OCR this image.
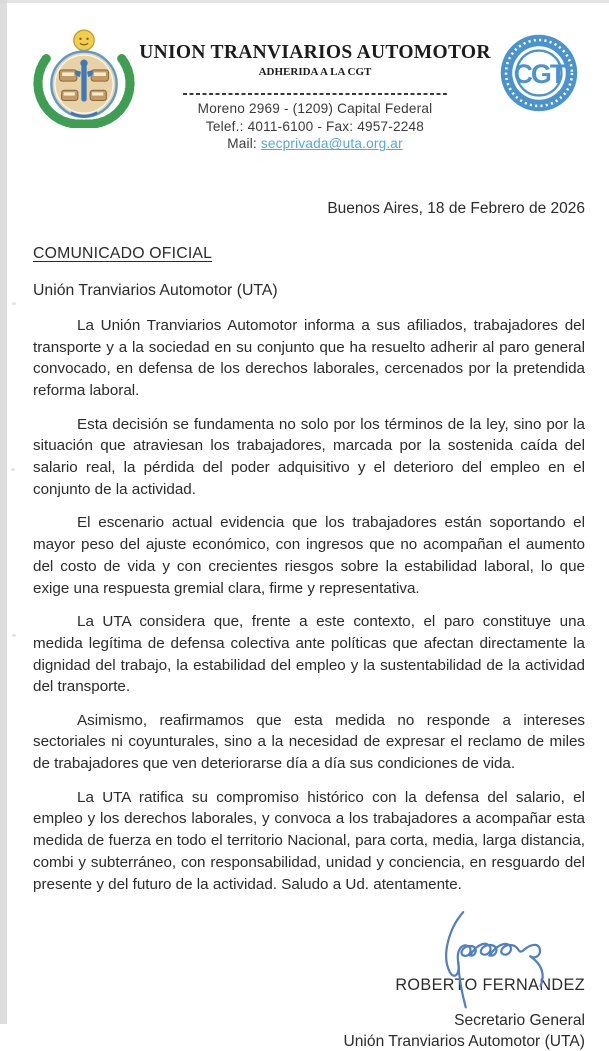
UNION TRANVIARIOS AUTOMOTOR
ADHERIDA A LA CGT
Moreno 2969 - (1209) Capital Federal
Telef.: 4011-6100 - Fax: 4957-2248
Mail: secprivada@uta.org.ar
CGT
Buenos Aires, 18 de Febrero de 2026
COMUNICADO OFICIAL
Unión Tranviarios Automotor (UTA)

La Unión Tranviarios Automotor informa a sus afiliados, trabajadores del transporte y a la sociedad en su conjunto que ha resuelto adherir al paro general convocado, en defensa de los derechos laborales, cercenados por la pretendida reforma laboral.

Esta decisión se fundamenta no solo por los términos de la ley, sino por la situación que atraviesan los trabajadores, marcada por la sostenida caída del salario real, la pérdida del poder adquisitivo y el deterioro del empleo en el conjunto de la actividad.

El escenario actual evidencia que los trabajadores están soportando el mayor peso del ajuste económico, con ingresos que no acompañan el aumento del costo de vida y con crecientes riesgos sobre la estabilidad laboral, lo que exige una respuesta gremial clara, firme y representativa.

La UTA considera que, frente a este contexto, el paro constituye una medida legítima de defensa colectiva ante políticas que afectan directamente la dignidad del trabajo, la estabilidad del empleo y la sustentabilidad de la actividad del transporte.

Asimismo, reafirmamos que esta medida no responde a intereses sectoriales ni coyunturales, sino a la necesidad de expresar el reclamo de miles de trabajadores que ven deteriorarse día a día sus condiciones de vida.

La UTA ratifica su compromiso histórico con la defensa del salario, el empleo y los derechos laborales, y convoca a los trabajadores a acompañar esta medida de fuerza en todo el territorio Nacional, para corta, media, larga distancia, combi y subterráneo, con responsabilidad, unidad y conciencia, en resguardo del presente y del futuro de la actividad. Saludo a Ud. atentamente.

ROBERTO FERNANDEZ
Secretario General
Unión Tranviarios Automotor (UTA)
